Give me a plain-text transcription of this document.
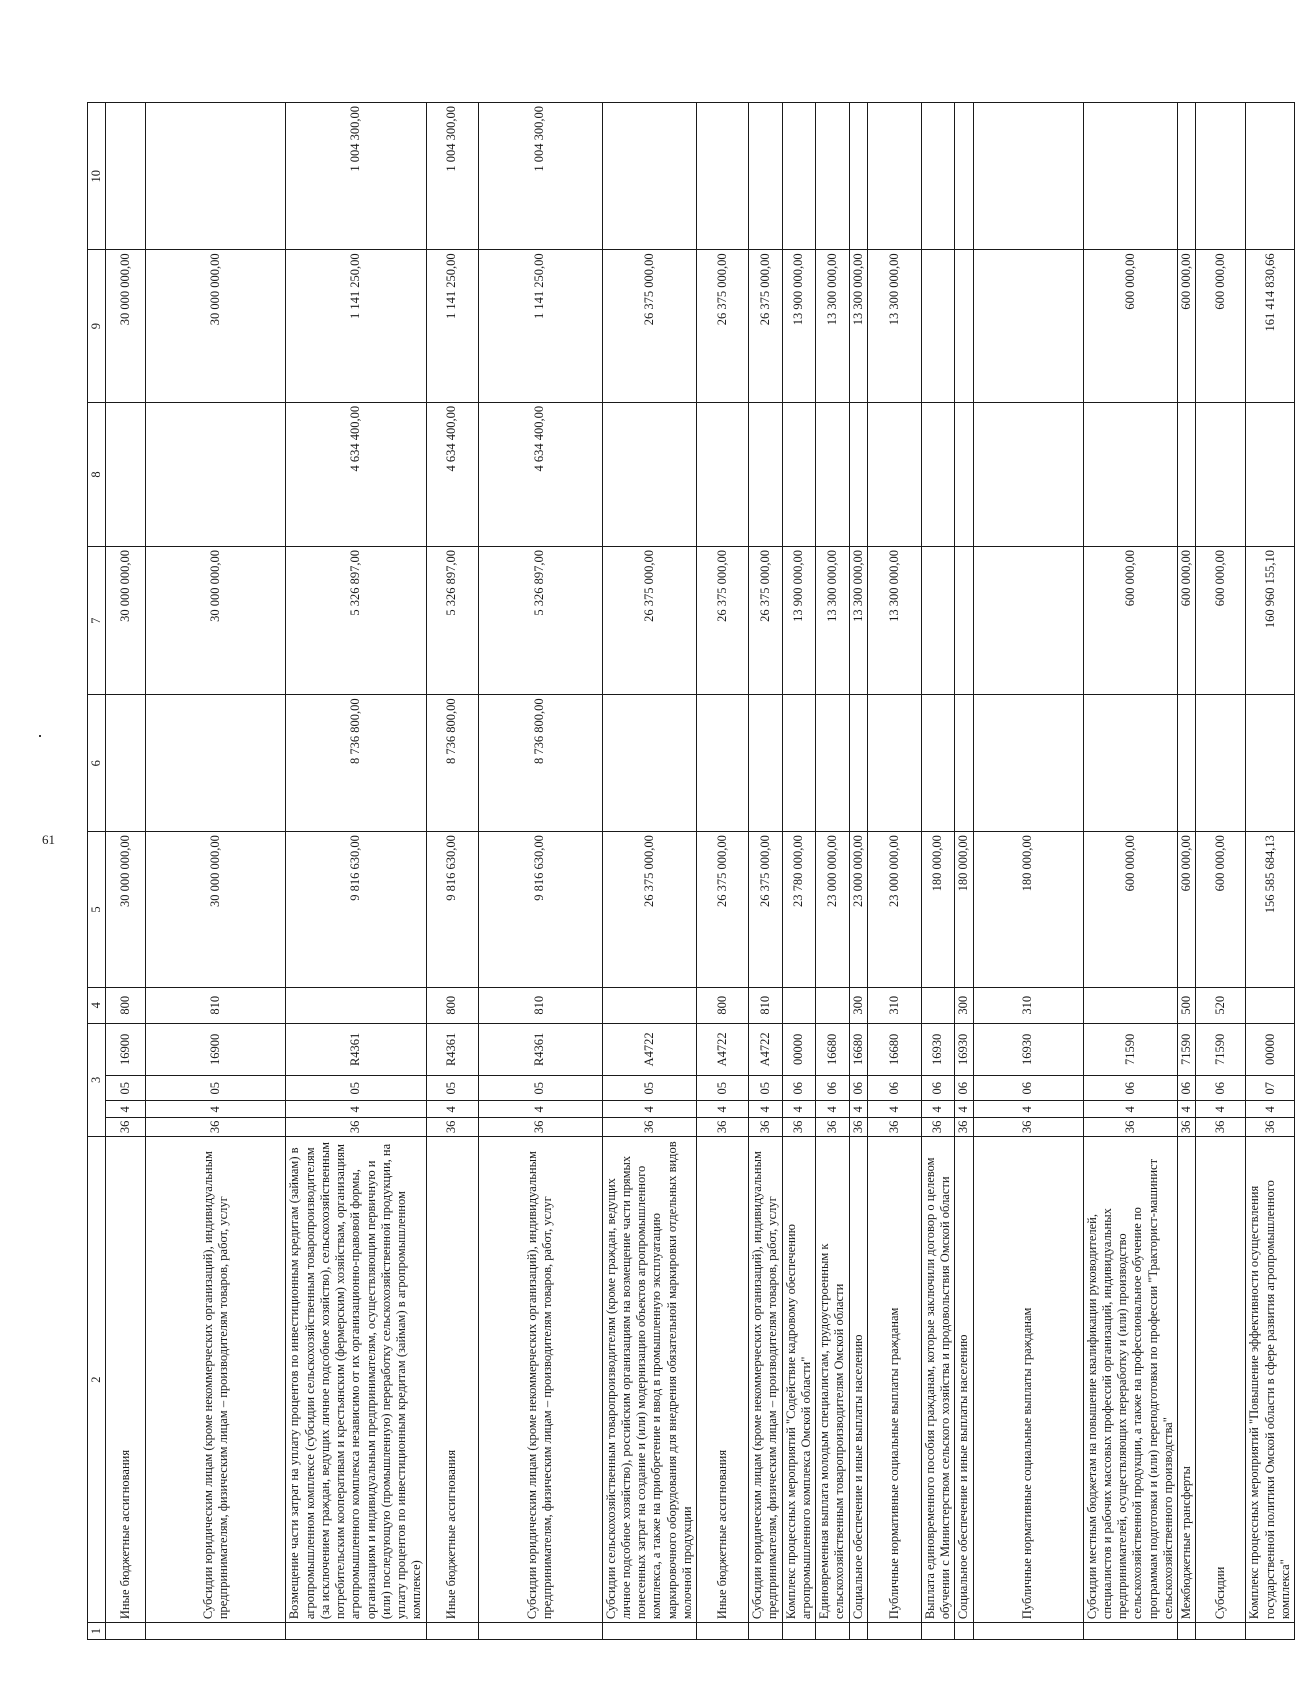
61
1	2	3				4	5	6	7	8	9	10
	Иные бюджетные ассигнования	36	4	05	16900	800	30 000 000,00		30 000 000,00		30 000 000,00	
	Субсидии юридическим лицам (кроме некоммерческих организаций), индивидуальным предпринимателям, физическим лицам – производителям товаров, работ, услуг	36	4	05	16900	810	30 000 000,00		30 000 000,00		30 000 000,00	
	Возмещение части затрат на уплату процентов по инвестиционным кредитам (займам) в агропромышленном комплексе (субсидии сельскохозяйственным товаропроизводителям (за исключением граждан, ведущих личное подсобное хозяйство), сельскохозяйственным потребительским кооперативам и крестьянским (фермерским) хозяйствам, организациям агропромышленного комплекса независимо от их организационно-правовой формы, организациям и индивидуальным предпринимателям, осуществляющим первичную и (или) последующую (промышленную) переработку сельскохозяйственной продукции, на уплату процентов по инвестиционным кредитам (займам) в агропромышленном комплексе)	36	4	05	R4361		9 816 630,00	8 736 800,00	5 326 897,00	4 634 400,00	1 141 250,00	1 004 300,00
	Иные бюджетные ассигнования	36	4	05	R4361	800	9 816 630,00	8 736 800,00	5 326 897,00	4 634 400,00	1 141 250,00	1 004 300,00
	Субсидии юридическим лицам (кроме некоммерческих организаций), индивидуальным предпринимателям, физическим лицам – производителям товаров, работ, услуг	36	4	05	R4361	810	9 816 630,00	8 736 800,00	5 326 897,00	4 634 400,00	1 141 250,00	1 004 300,00
	Субсидии сельскохозяйственным товаропроизводителям (кроме граждан, ведущих личное подсобное хозяйство), российским организациям на возмещение части прямых понесенных затрат на создание и (или) модернизацию объектов агропромышленного комплекса, а также на приобретение и ввод в промышленную эксплуатацию маркировочного оборудования для внедрения обязательной маркировки отдельных видов молочной продукции	36	4	05	A4722		26 375 000,00		26 375 000,00		26 375 000,00	
	Иные бюджетные ассигнования	36	4	05	A4722	800	26 375 000,00		26 375 000,00		26 375 000,00	
	Субсидии юридическим лицам (кроме некоммерческих организаций), индивидуальным предпринимателям, физическим лицам – производителям товаров, работ, услуг	36	4	05	A4722	810	26 375 000,00		26 375 000,00		26 375 000,00	
	Комплекс процессных мероприятий "Содействие кадровому обеспечению агропромышленного комплекса Омской области"	36	4	06	00000		23 780 000,00		13 900 000,00		13 900 000,00	
	Единовременная выплата молодым специалистам, трудоустроенным к сельскохозяйственным товаропроизводителям Омской области	36	4	06	16680		23 000 000,00		13 300 000,00		13 300 000,00	
	Социальное обеспечение и иные выплаты населению	36	4	06	16680	300	23 000 000,00		13 300 000,00		13 300 000,00	
	Публичные нормативные социальные выплаты гражданам	36	4	06	16680	310	23 000 000,00		13 300 000,00		13 300 000,00	
	Выплата единовременного пособия гражданам, которые заключили договор о целевом обучении с Министерством сельского хозяйства и продовольствия Омской области	36	4	06	16930		180 000,00					
	Социальное обеспечение и иные выплаты населению	36	4	06	16930	300	180 000,00					
	Публичные нормативные социальные выплаты гражданам	36	4	06	16930	310	180 000,00					
	Субсидии местным бюджетам на повышение квалификации руководителей, специалистов и рабочих массовых профессий организаций, индивидуальных предпринимателей, осуществляющих переработку и (или) производство сельскохозяйственной продукции, а также на профессиональное обучение по программам подготовки и (или) переподготовки по профессии "Тракторист-машинист сельскохозяйственного производства"	36	4	06	71590		600 000,00		600 000,00		600 000,00	
	Межбюджетные трансферты	36	4	06	71590	500	600 000,00		600 000,00		600 000,00	
	Субсидии	36	4	06	71590	520	600 000,00		600 000,00		600 000,00	
	Комплекс процессных мероприятий "Повышение эффективности осуществления государственной политики Омской области в сфере развития агропромышленного комплекса"	36	4	07	00000		156 585 684,13		160 960 155,10		161 414 830,66	
